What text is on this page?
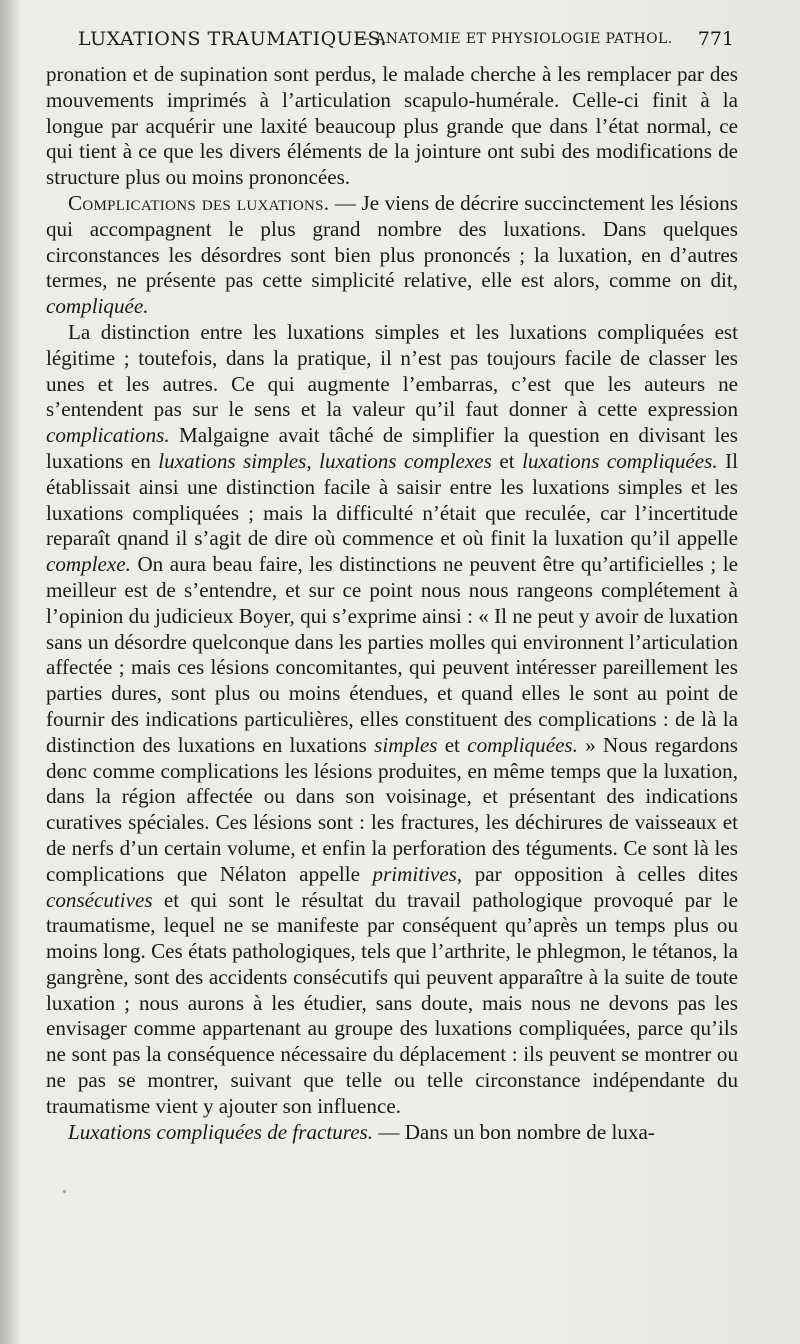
LUXATIONS TRAUMATIQUES.
— ANATOMIE ET PHYSIOLOGIE PATHOL. 771

pronation et de supination sont perdus, le malade cherche à les remplacer par des mouvements imprimés à l’articulation scapulo-humérale. Celle-ci finit à la longue par acquérir une laxité beaucoup plus grande que dans l’état normal, ce qui tient à ce que les divers éléments de la jointure ont subi des modifications de structure plus ou moins prononcées.

Complications des luxations. — Je viens de décrire succinctement les lésions qui accompagnent le plus grand nombre des luxations. Dans quelques circonstances les désordres sont bien plus prononcés ; la luxation, en d’autres termes, ne présente pas cette simplicité relative, elle est alors, comme on dit, compliquée.

La distinction entre les luxations simples et les luxations compliquées est légitime ; toutefois, dans la pratique, il n’est pas toujours facile de classer les unes et les autres. Ce qui augmente l’embarras, c’est que les auteurs ne s’entendent pas sur le sens et la valeur qu’il faut donner à cette expression complications. Malgaigne avait tâché de simplifier la question en divisant les luxations en luxations simples, luxations complexes et luxations compliquées. Il établissait ainsi une distinction facile à saisir entre les luxations simples et les luxations compliquées ; mais la difficulté n’était que reculée, car l’incertitude reparaît qnand il s’agit de dire où commence et où finit la luxation qu’il appelle complexe. On aura beau faire, les distinctions ne peuvent être qu’artificielles ; le meilleur est de s’entendre, et sur ce point nous nous rangeons complétement à l’opinion du judicieux Boyer, qui s’exprime ainsi : « Il ne peut y avoir de luxation sans un désordre quelconque dans les parties molles qui environnent l’articulation affectée ; mais ces lésions concomitantes, qui peuvent intéresser pareillement les parties dures, sont plus ou moins étendues, et quand elles le sont au point de fournir des indications particulières, elles constituent des complications : de là la distinction des luxations en luxations simples et compliquées. » Nous regardons donc comme complications les lésions produites, en même temps que la luxation, dans la région affectée ou dans son voisinage, et présentant des indications curatives spéciales. Ces lésions sont : les fractures, les déchirures de vaisseaux et de nerfs d’un certain volume, et enfin la perforation des téguments. Ce sont là les complications que Nélaton appelle primitives, par opposition à celles dites consécutives et qui sont le résultat du travail pathologique provoqué par le traumatisme, lequel ne se manifeste par conséquent qu’après un temps plus ou moins long. Ces états pathologiques, tels que l’arthrite, le phlegmon, le tétanos, la gangrène, sont des accidents consécutifs qui peuvent apparaître à la suite de toute luxation ; nous aurons à les étudier, sans doute, mais nous ne devons pas les envisager comme appartenant au groupe des luxations compliquées, parce qu’ils ne sont pas la conséquence nécessaire du déplacement : ils peuvent se montrer ou ne pas se montrer, suivant que telle ou telle circonstance indépendante du traumatisme vient y ajouter son influence.

Luxations compliquées de fractures. — Dans un bon nombre de luxa-
